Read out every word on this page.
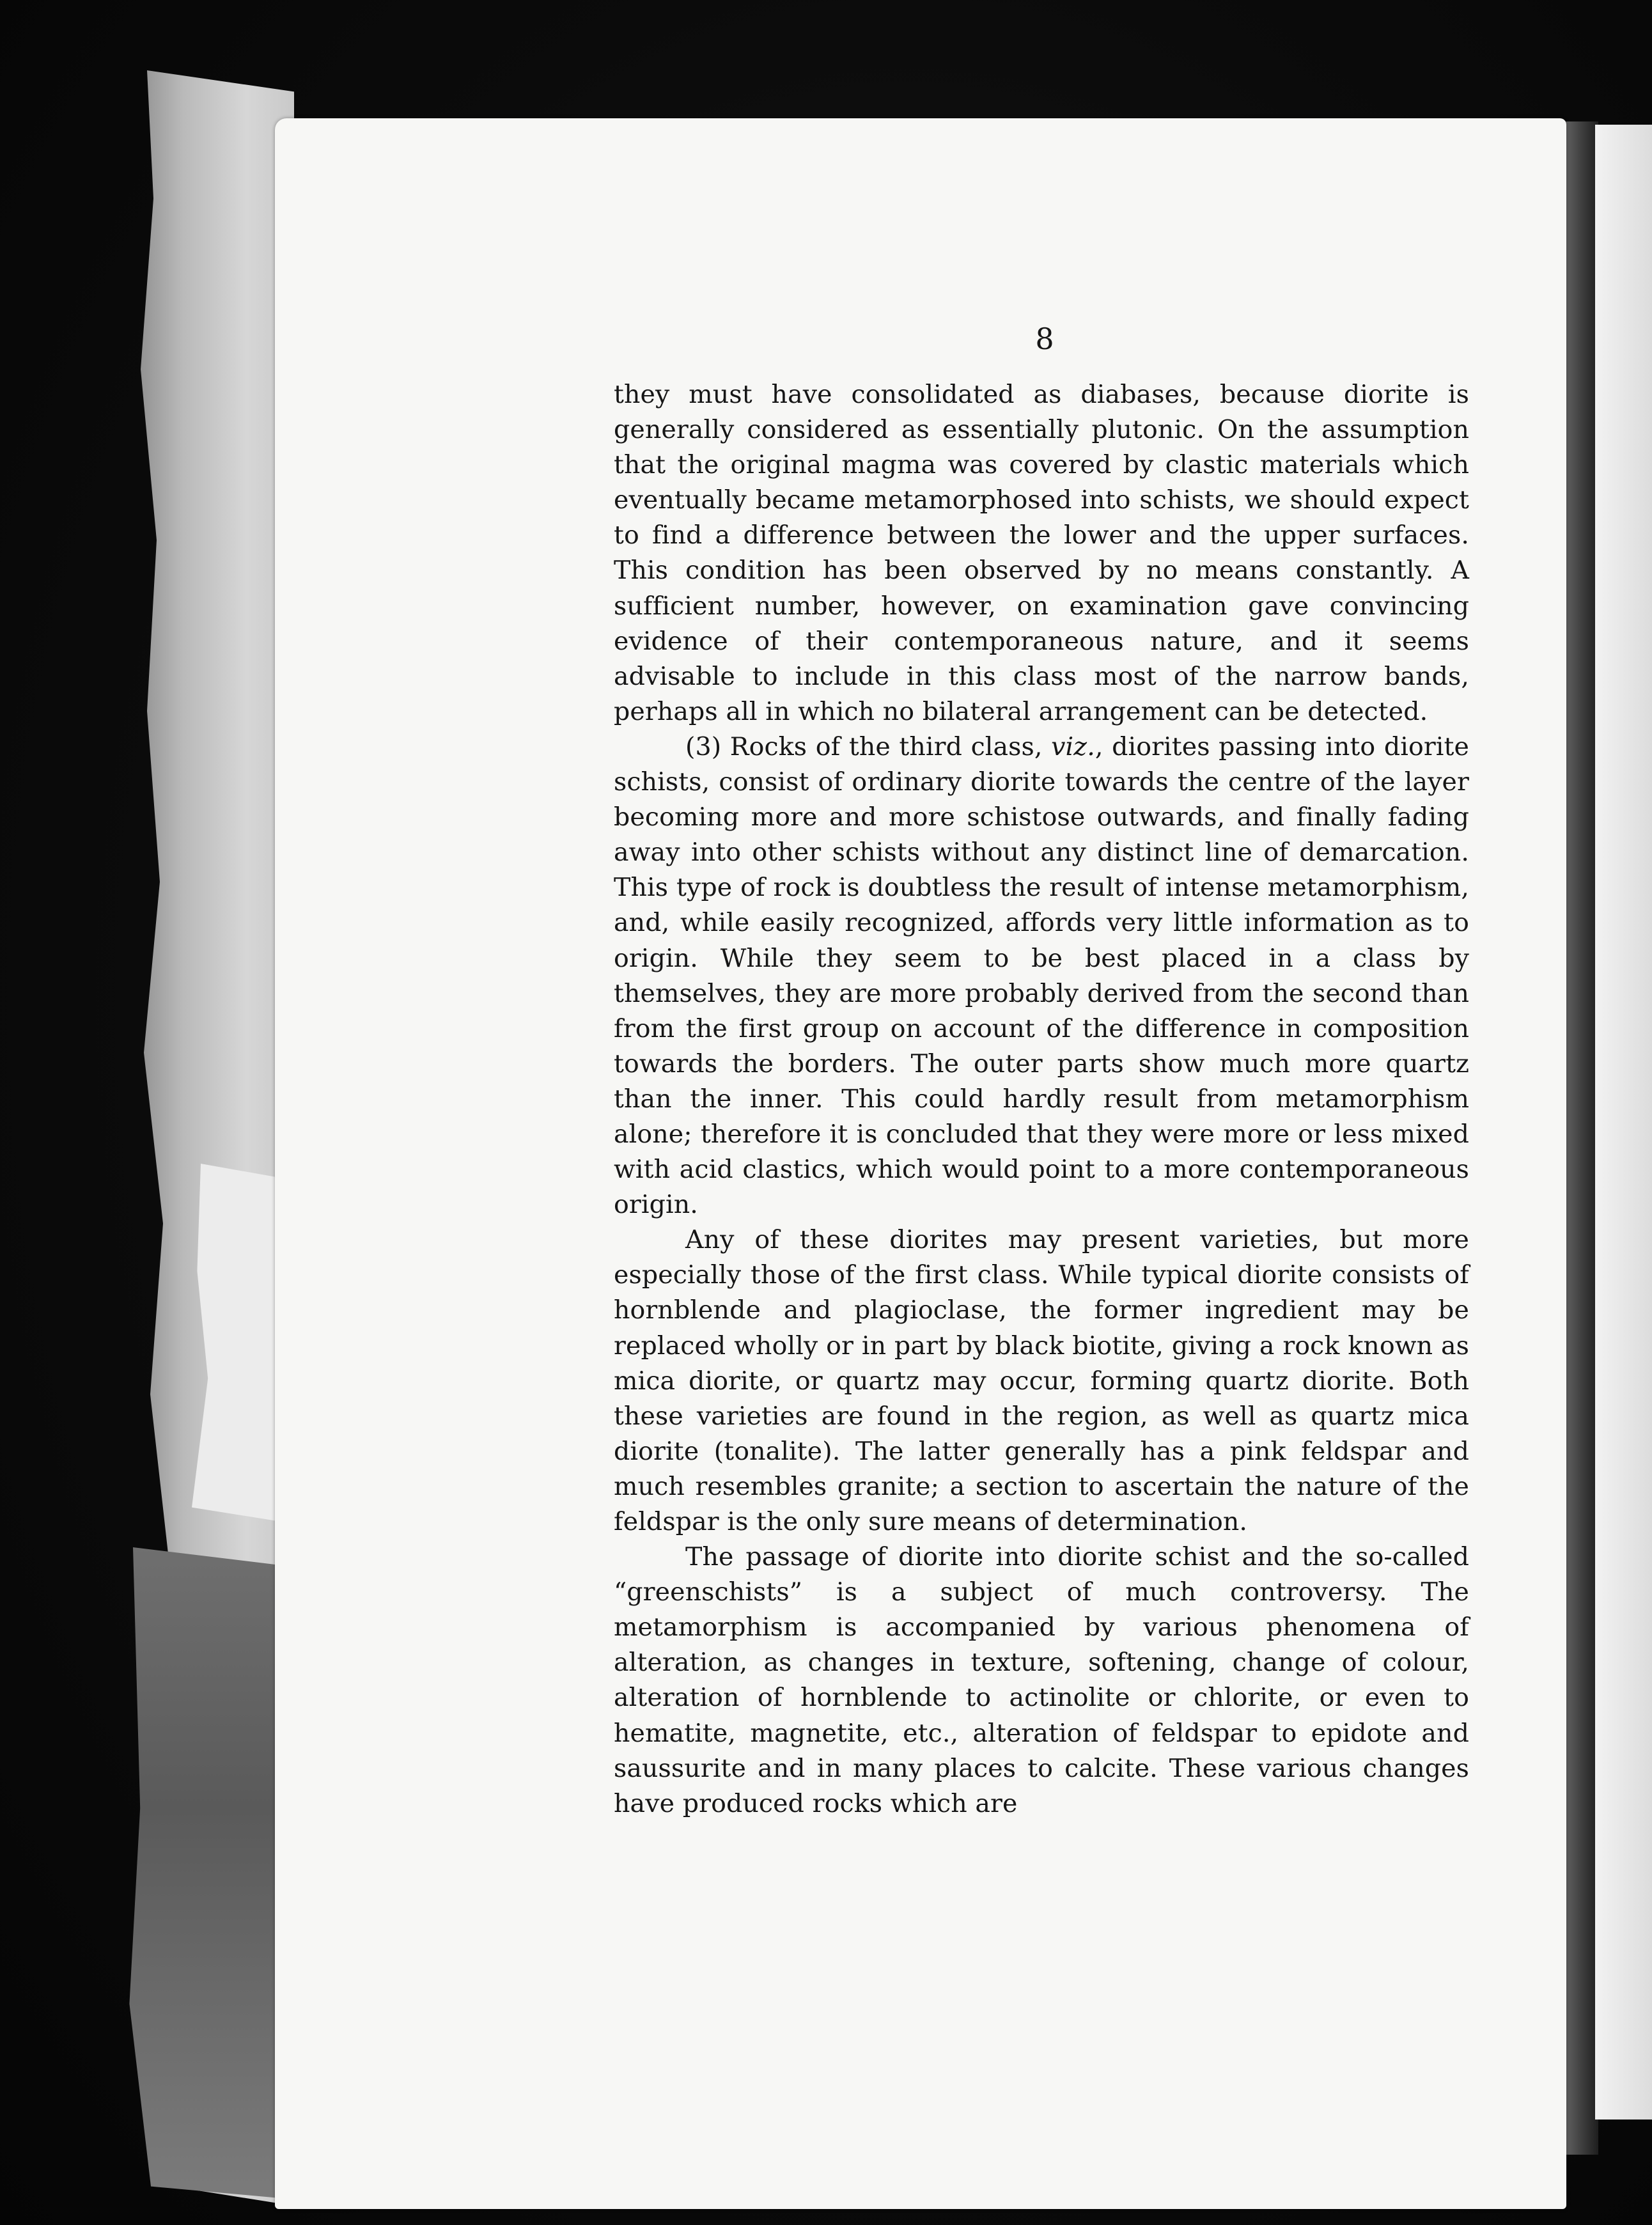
8

they must have consolidated as diabases, because diorite is generally considered as essentially plutonic. On the assumption that the original magma was covered by clastic materials which eventually became metamorphosed into schists, we should expect to find a difference between the lower and the upper surfaces. This condition has been observed by no means constantly. A sufficient number, however, on examination gave convincing evidence of their contemporaneous nature, and it seems advisable to include in this class most of the narrow bands, perhaps all in which no bilateral arrangement can be detected.

(3) Rocks of the third class, viz., diorites passing into diorite schists, consist of ordinary diorite towards the centre of the layer becoming more and more schistose outwards, and finally fading away into other schists without any distinct line of demarcation. This type of rock is doubtless the result of intense metamorphism, and, while easily recognized, affords very little information as to origin. While they seem to be best placed in a class by themselves, they are more probably derived from the second than from the first group on account of the difference in composition towards the borders. The outer parts show much more quartz than the inner. This could hardly result from metamorphism alone; therefore it is concluded that they were more or less mixed with acid clastics, which would point to a more contemporaneous origin.

Any of these diorites may present varieties, but more especially those of the first class. While typical diorite consists of hornblende and plagioclase, the former ingredient may be replaced wholly or in part by black biotite, giving a rock known as mica diorite, or quartz may occur, forming quartz diorite. Both these varieties are found in the region, as well as quartz mica diorite (tonalite). The latter generally has a pink feldspar and much resembles granite; a section to ascertain the nature of the feldspar is the only sure means of determination.

The passage of diorite into diorite schist and the so-called “greenschists” is a subject of much controversy. The metamorphism is accompanied by various phenomena of alteration, as changes in texture, softening, change of colour, alteration of hornblende to actinolite or chlorite, or even to hematite, magnetite, etc., alteration of feldspar to epidote and saussurite and in many places to calcite. These various changes have produced rocks which are
